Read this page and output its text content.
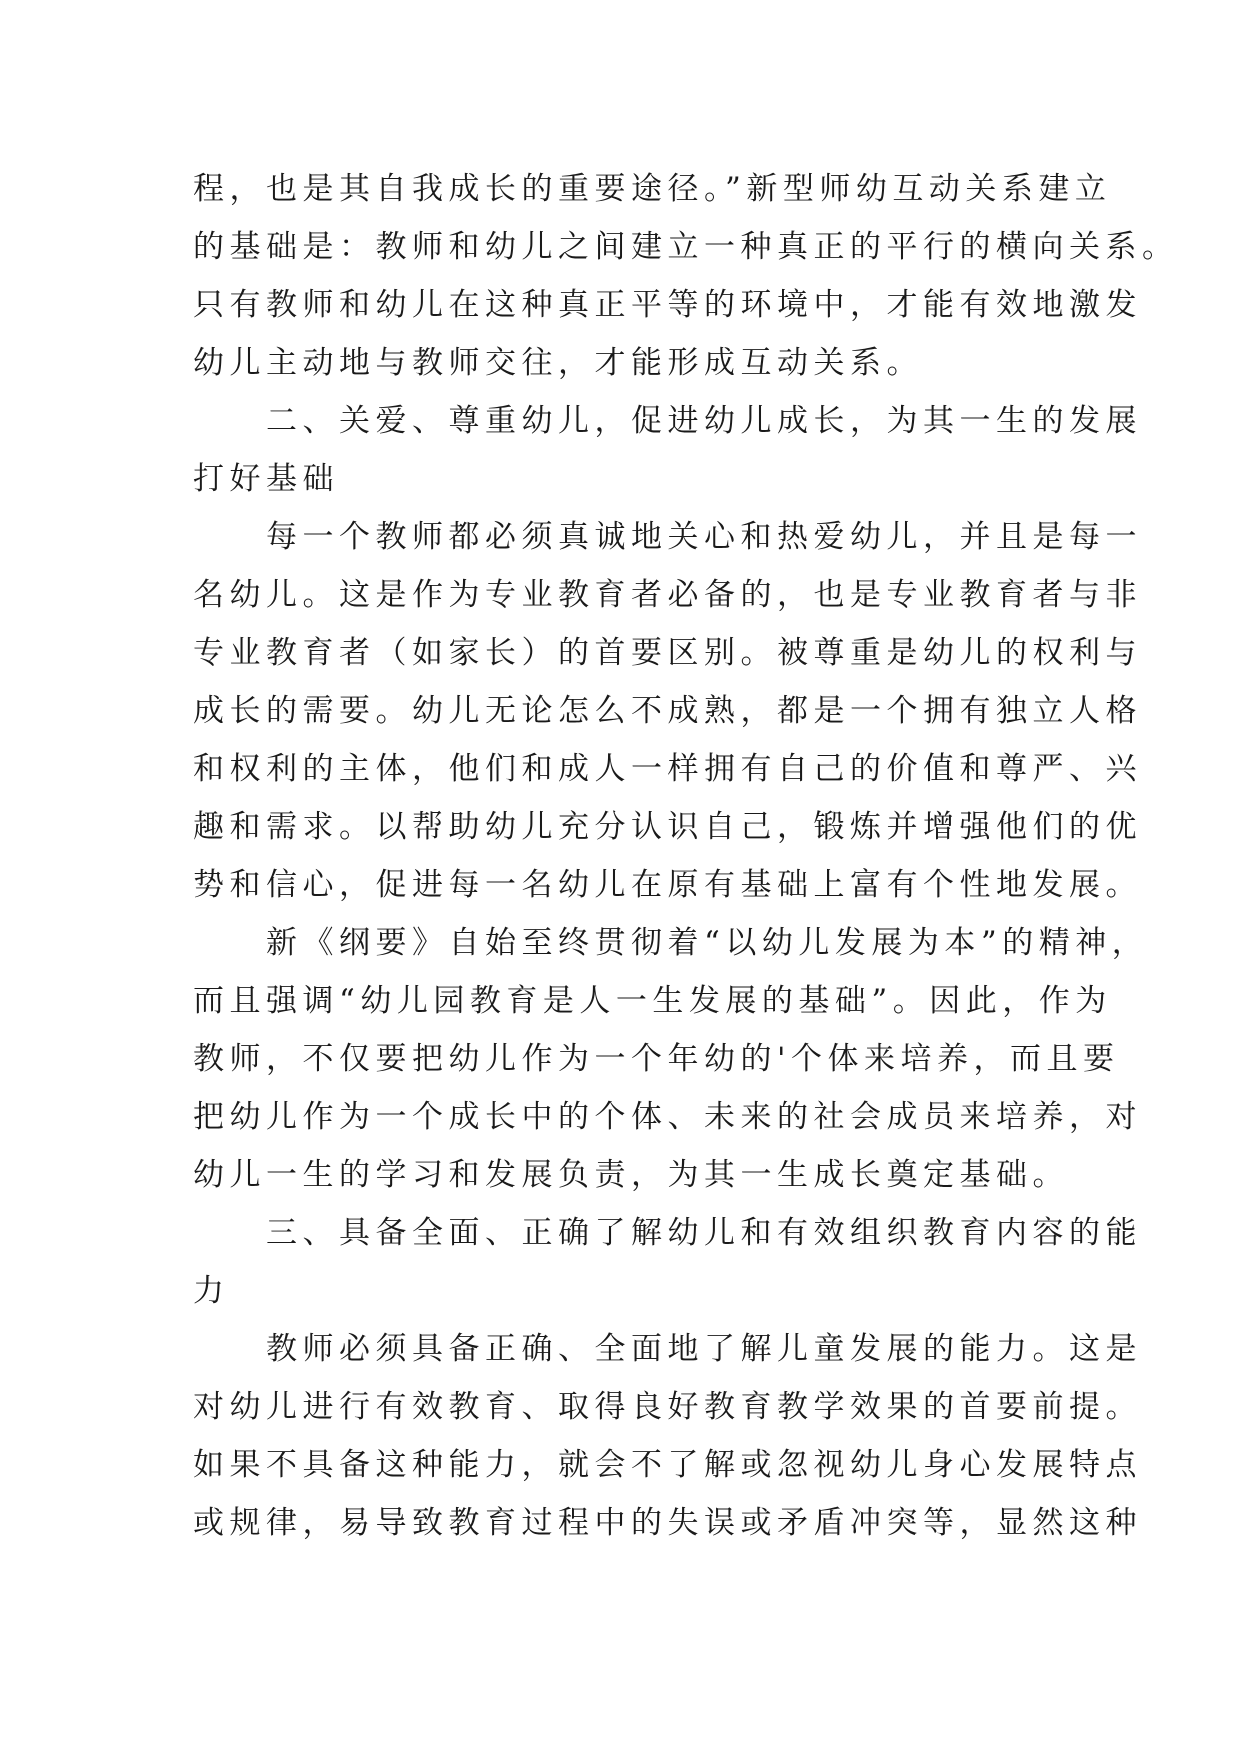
程，也是其自我成长的重要途径。”新型师幼互动关系建立
的基础是：教师和幼儿之间建立一种真正的平行的横向关系。
只有教师和幼儿在这种真正平等的环境中，才能有效地激发
幼儿主动地与教师交往，才能形成互动关系。
　　二、关爱、尊重幼儿，促进幼儿成长，为其一生的发展
打好基础
　　每一个教师都必须真诚地关心和热爱幼儿，并且是每一
名幼儿。这是作为专业教育者必备的，也是专业教育者与非
专业教育者（如家长）的首要区别。被尊重是幼儿的权利与
成长的需要。幼儿无论怎么不成熟，都是一个拥有独立人格
和权利的主体，他们和成人一样拥有自己的价值和尊严、兴
趣和需求。以帮助幼儿充分认识自己，锻炼并增强他们的优
势和信心，促进每一名幼儿在原有基础上富有个性地发展。
　　新《纲要》自始至终贯彻着“以幼儿发展为本”的精神，
而且强调“幼儿园教育是人一生发展的基础”。因此，作为
教师，不仅要把幼儿作为一个年幼的'个体来培养，而且要
把幼儿作为一个成长中的个体、未来的社会成员来培养，对
幼儿一生的学习和发展负责，为其一生成长奠定基础。
　　三、具备全面、正确了解幼儿和有效组织教育内容的能
力
　　教师必须具备正确、全面地了解儿童发展的能力。这是
对幼儿进行有效教育、取得良好教育教学效果的首要前提。
如果不具备这种能力，就会不了解或忽视幼儿身心发展特点
或规律，易导致教育过程中的失误或矛盾冲突等，显然这种
